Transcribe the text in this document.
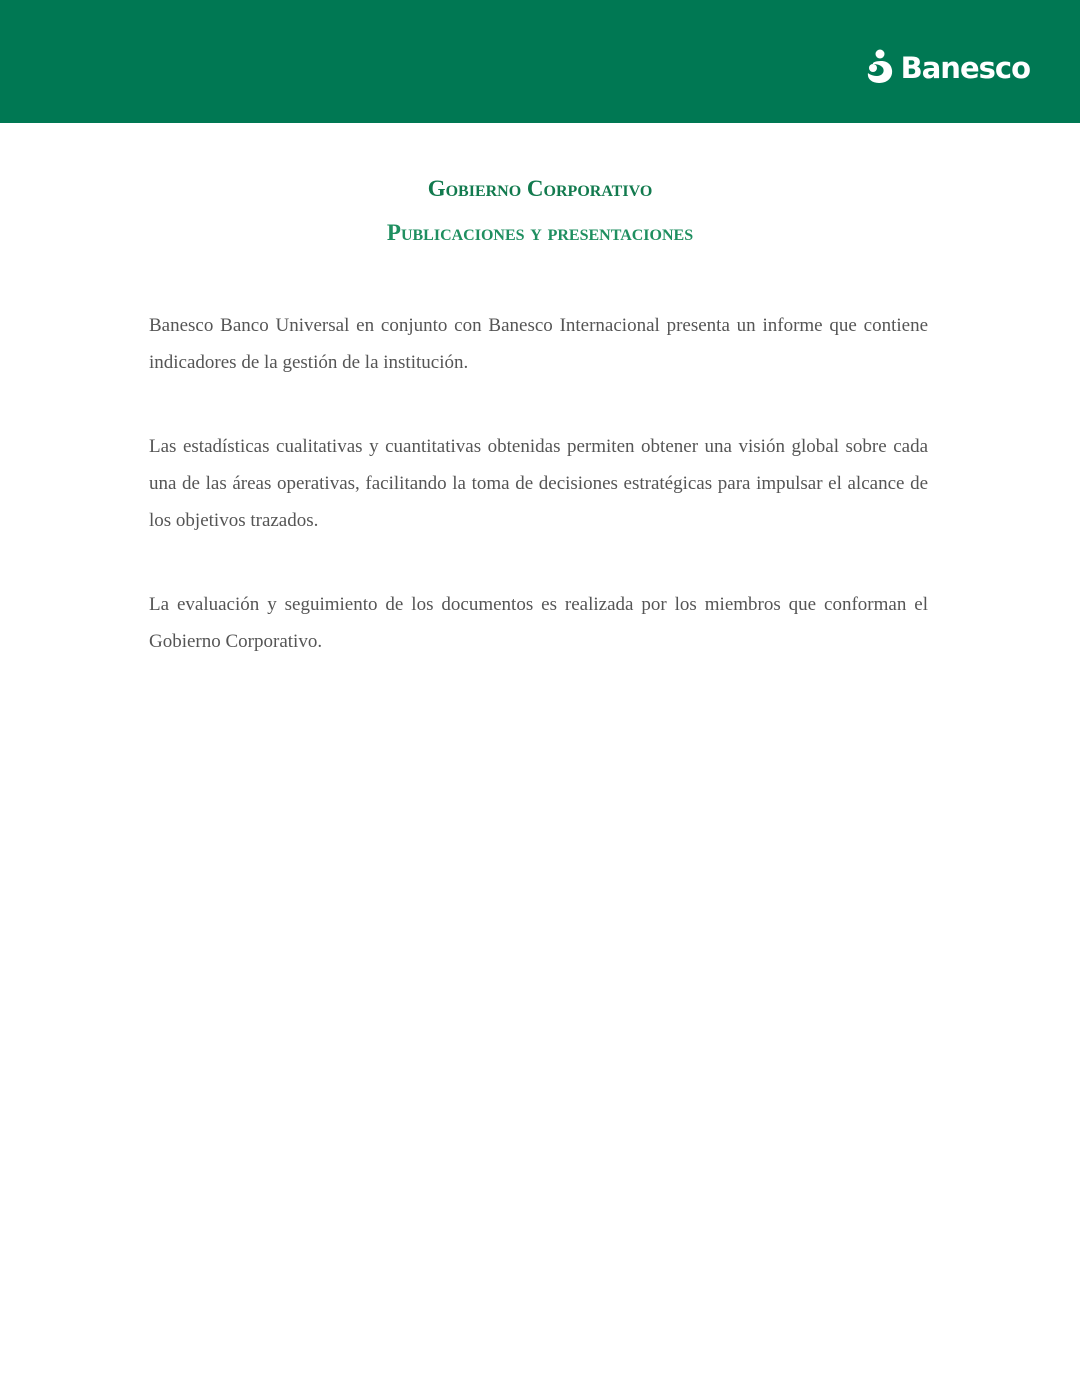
Banesco
Gobierno Corporativo
Publicaciones y presentaciones

Banesco Banco Universal en conjunto con Banesco Internacional presenta un informe que contiene indicadores de la gestión de la institución.

Las estadísticas cualitativas y cuantitativas obtenidas permiten obtener una visión global sobre cada una de las áreas operativas, facilitando la toma de decisiones estratégicas para impulsar el alcance de los objetivos trazados.

La evaluación y seguimiento de los documentos es realizada por los miembros que conforman el Gobierno Corporativo.
